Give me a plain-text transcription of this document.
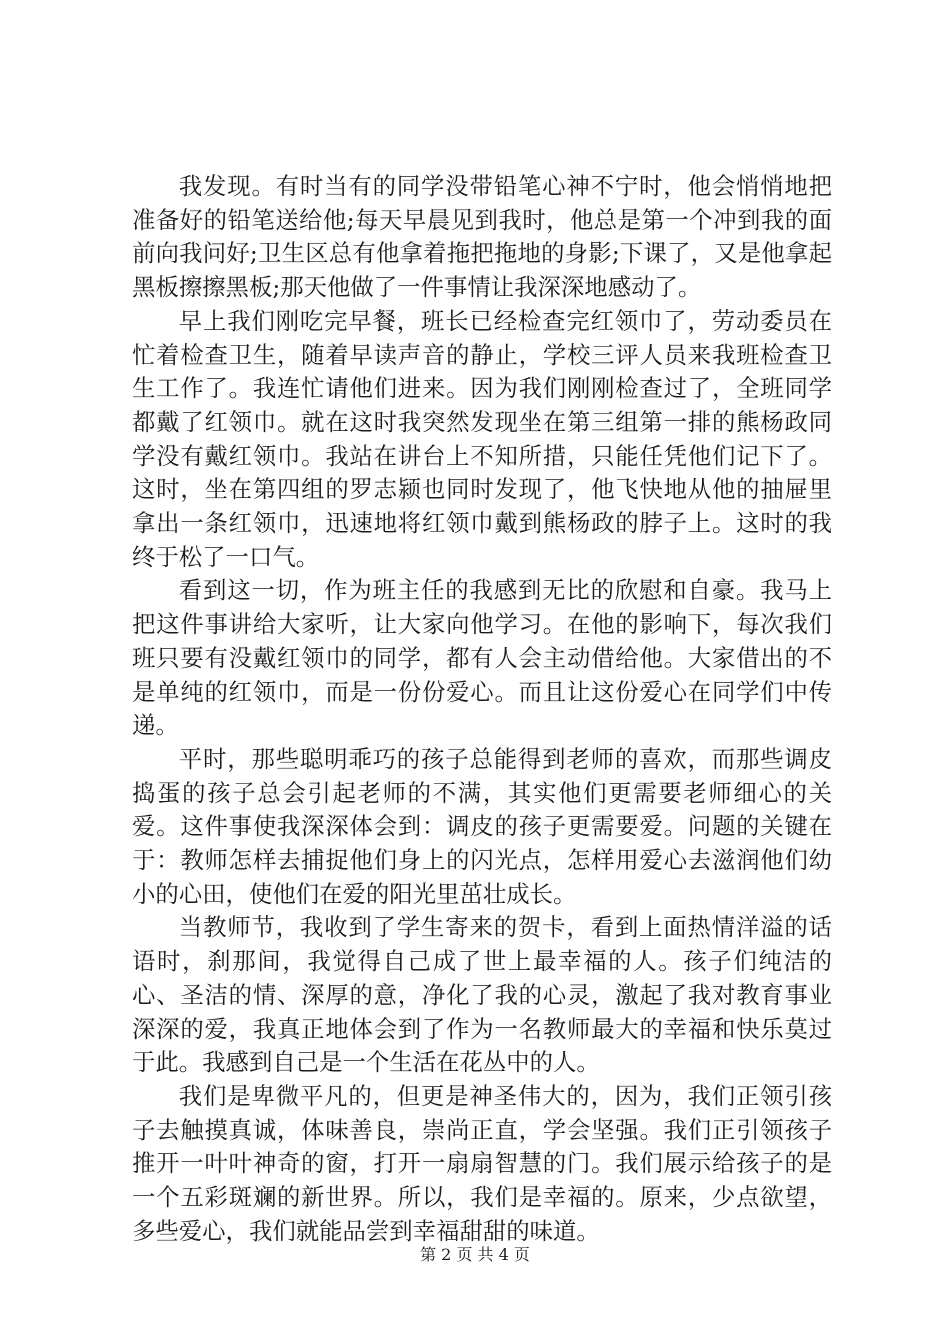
我发现。有时当有的同学没带铅笔心神不宁时，他会悄悄地把准备好的铅笔送给他;每天早晨见到我时，他总是第一个冲到我的面前向我问好;卫生区总有他拿着拖把拖地的身影;下课了，又是他拿起黑板擦擦黑板;那天他做了一件事情让我深深地感动了。

早上我们刚吃完早餐，班长已经检查完红领巾了，劳动委员在忙着检查卫生，随着早读声音的静止，学校三评人员来我班检查卫生工作了。我连忙请他们进来。因为我们刚刚检查过了，全班同学都戴了红领巾。就在这时我突然发现坐在第三组第一排的熊杨政同学没有戴红领巾。我站在讲台上不知所措，只能任凭他们记下了。这时，坐在第四组的罗志颍也同时发现了，他飞快地从他的抽屉里拿出一条红领巾，迅速地将红领巾戴到熊杨政的脖子上。这时的我终于松了一口气。

看到这一切，作为班主任的我感到无比的欣慰和自豪。我马上把这件事讲给大家听，让大家向他学习。在他的影响下，每次我们班只要有没戴红领巾的同学，都有人会主动借给他。大家借出的不是单纯的红领巾，而是一份份爱心。而且让这份爱心在同学们中传递。

平时，那些聪明乖巧的孩子总能得到老师的喜欢，而那些调皮捣蛋的孩子总会引起老师的不满，其实他们更需要老师细心的关爱。这件事使我深深体会到：调皮的孩子更需要爱。问题的关键在于：教师怎样去捕捉他们身上的闪光点，怎样用爱心去滋润他们幼小的心田，使他们在爱的阳光里茁壮成长。

当教师节，我收到了学生寄来的贺卡，看到上面热情洋溢的话语时，刹那间，我觉得自己成了世上最幸福的人。孩子们纯洁的心、圣洁的情、深厚的意，净化了我的心灵，激起了我对教育事业深深的爱，我真正地体会到了作为一名教师最大的幸福和快乐莫过于此。我感到自己是一个生活在花丛中的人。

我们是卑微平凡的，但更是神圣伟大的，因为，我们正领引孩子去触摸真诚，体味善良，崇尚正直，学会坚强。我们正引领孩子推开一叶叶神奇的窗，打开一扇扇智慧的门。我们展示给孩子的是一个五彩斑斓的新世界。所以，我们是幸福的。原来，少点欲望，多些爱心，我们就能品尝到幸福甜甜的味道。

第 2 页 共 4 页
